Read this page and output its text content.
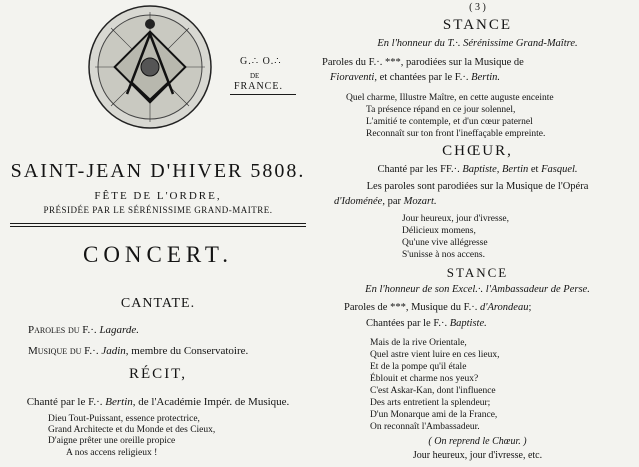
G.∴ O.∴
DE
FRANCE.
SAINT-JEAN D'HIVER 5808.
FÊTE DE L'ORDRE,
PRÉSIDÉE PAR LE SÉRÉNISSIME GRAND-MAITRE.
CONCERT.
CANTATE.
Paroles du F.·. Lagarde.
Musique du F.·. Jadin, membre du Conservatoire.
RÉCIT,
Chanté par le F.·. Bertin, de l'Académie Impér. de Musique.
Dieu Tout-Puissant, essence protectrice,
Grand Architecte et du Monde et des Cieux,
D'aigne prêter une oreille propice
A nos accens religieux !
( 3 )
STANCE
En l'honneur du T.·. Sérénissime Grand-Maître.
Paroles du F.·. ***, parodiées sur la Musique de
Fioraventi, et chantées par le F.·. Bertin.
Quel charme, Illustre Maître, en cette auguste enceinte
Ta présence répand en ce jour solennel,
L'amitié te contemple, et d'un cœur paternel
Reconnaît sur ton front l'ineffaçable empreinte.
CHŒUR,
Chanté par les FF.·. Baptiste, Bertin et Fasquel.
Les paroles sont parodiées sur la Musique de l'Opéra
d'Idoménée, par Mozart.
Jour heureux, jour d'ivresse,
Délicieux momens,
Qu'une vive allégresse
S'unisse à nos accens.
STANCE
En l'honneur de son Excel.·. l'Ambassadeur de Perse.
Paroles de ***, Musique du F.·. d'Arondeau;
Chantées par le F.·. Baptiste.
Mais de la rive Orientale,
Quel astre vient luire en ces lieux,
Et de la pompe qu'il étale
Éblouit et charme nos yeux?
C'est Askar-Kan, dont l'influence
Des arts entretient la splendeur;
D'un Monarque ami de la France,
On reconnaît l'Ambassadeur.
( On reprend le Chœur. )
Jour heureux, jour d'ivresse, etc.
